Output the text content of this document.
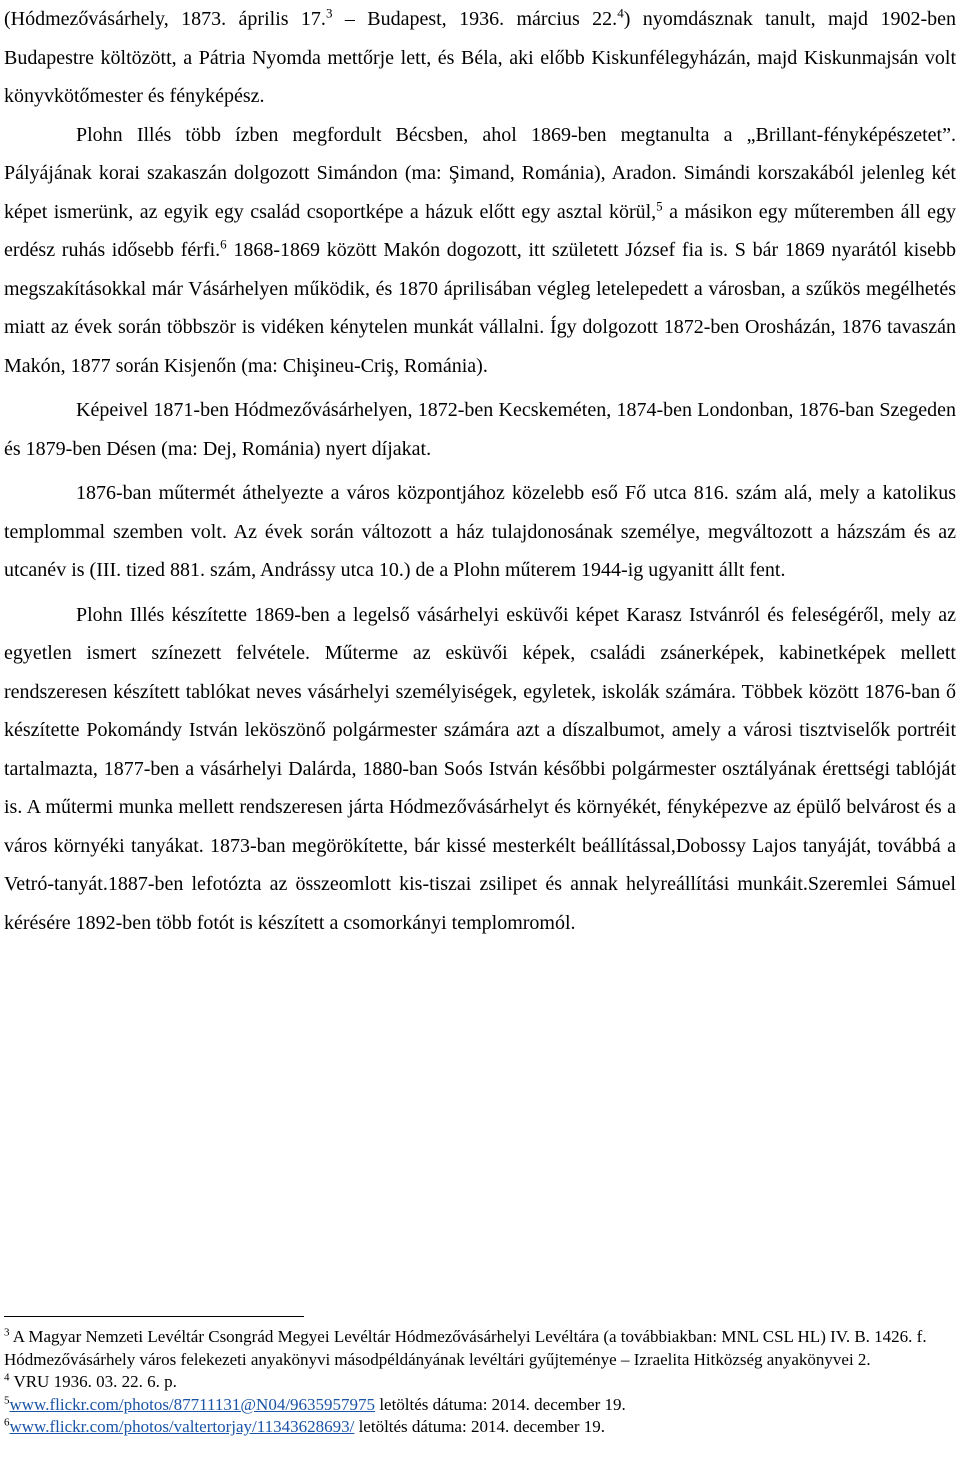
(Hódmezővásárhely, 1873. április 17.$^3$ – Budapest, 1936. március 22.$^4$) nyomdásznak tanult, majd 1902-ben Budapestre költözött, a Pátria Nyomda mettőrje lett, és Béla, aki előbb Kiskunfélegyházán, majd Kiskunmajsán volt könyvkötőmester és fényképész.

Plohn Illés több ízben megfordult Bécsben, ahol 1869-ben megtanulta a „Brillant-fényképészetet”. Pályájának korai szakaszán dolgozott Simándon (ma: Şimand, Románia), Aradon. Simándi korszakából jelenleg két képet ismerünk, az egyik egy család csoportképe a házuk előtt egy asztal körül,$^5$ a másikon egy műteremben áll egy erdész ruhás idősebb férfi.$^6$ 1868-1869 között Makón dogozott, itt született József fia is. S bár 1869 nyarától kisebb megszakításokkal már Vásárhelyen működik, és 1870 áprilisában végleg letelepedett a városban, a szűkös megélhetés miatt az évek során többször is vidéken kénytelen munkát vállalni. Így dolgozott 1872-ben Orosházán, 1876 tavaszán Makón, 1877 során Kisjenőn (ma: Chişineu-Criş, Románia).

Képeivel 1871-ben Hódmezővásárhelyen, 1872-ben Kecskeméten, 1874-ben Londonban, 1876-ban Szegeden és 1879-ben Désen (ma: Dej, Románia) nyert díjakat.

1876-ban műtermét áthelyezte a város központjához közelebb eső Fő utca 816. szám alá, mely a katolikus templommal szemben volt. Az évek során változott a ház tulajdonosának személye, megváltozott a házszám és az utcanév is (III. tized 881. szám, Andrássy utca 10.) de a Plohn műterem 1944-ig ugyanitt állt fent.

Plohn Illés készítette 1869-ben a legelső vásárhelyi esküvői képet Karasz Istvánról és feleségéről, mely az egyetlen ismert színezett felvétele. Műterme az esküvői képek, családi zsánerképek, kabinetképek mellett rendszeresen készített tablókat neves vásárhelyi személyiségek, egyletek, iskolák számára. Többek között 1876-ban ő készítette Pokomándy István leköszönő polgármester számára azt a díszalbumot, amely a városi tisztviselők portréit tartalmazta, 1877-ben a vásárhelyi Dalárda, 1880-ban Soós István későbbi polgármester osztályának érettségi tablóját is. A műtermi munka mellett rendszeresen járta Hódmezővásárhelyt és környékét, fényképezve az épülő belvárost és a város környéki tanyákat. 1873-ban megörökítette, bár kissé mesterkélt beállítással,Dobossy Lajos tanyáját, továbbá a Vetró-tanyát.1887-ben lefotózta az összeomlott kis-tiszai zsilipet és annak helyreállítási munkáit.Szeremlei Sámuel kérésére 1892-ben több fotót is készített a csomorkányi templomromól.

$^3$ A Magyar Nemzeti Levéltár Csongrád Megyei Levéltár Hódmezővásárhelyi Levéltára (a továbbiakban: MNL CSL HL) IV. B. 1426. f. Hódmezővásárhely város felekezeti anyakönyvi másodpéldányának levéltári gyűjteménye – Izraelita Hitközség anyakönyvei 2.

$^4$ VRU 1936. 03. 22. 6. p.

$^5$www.flickr.com/photos/87711131@N04/9635957975 letöltés dátuma: 2014. december 19.

$^6$www.flickr.com/photos/valtertorjay/11343628693/ letöltés dátuma: 2014. december 19.
